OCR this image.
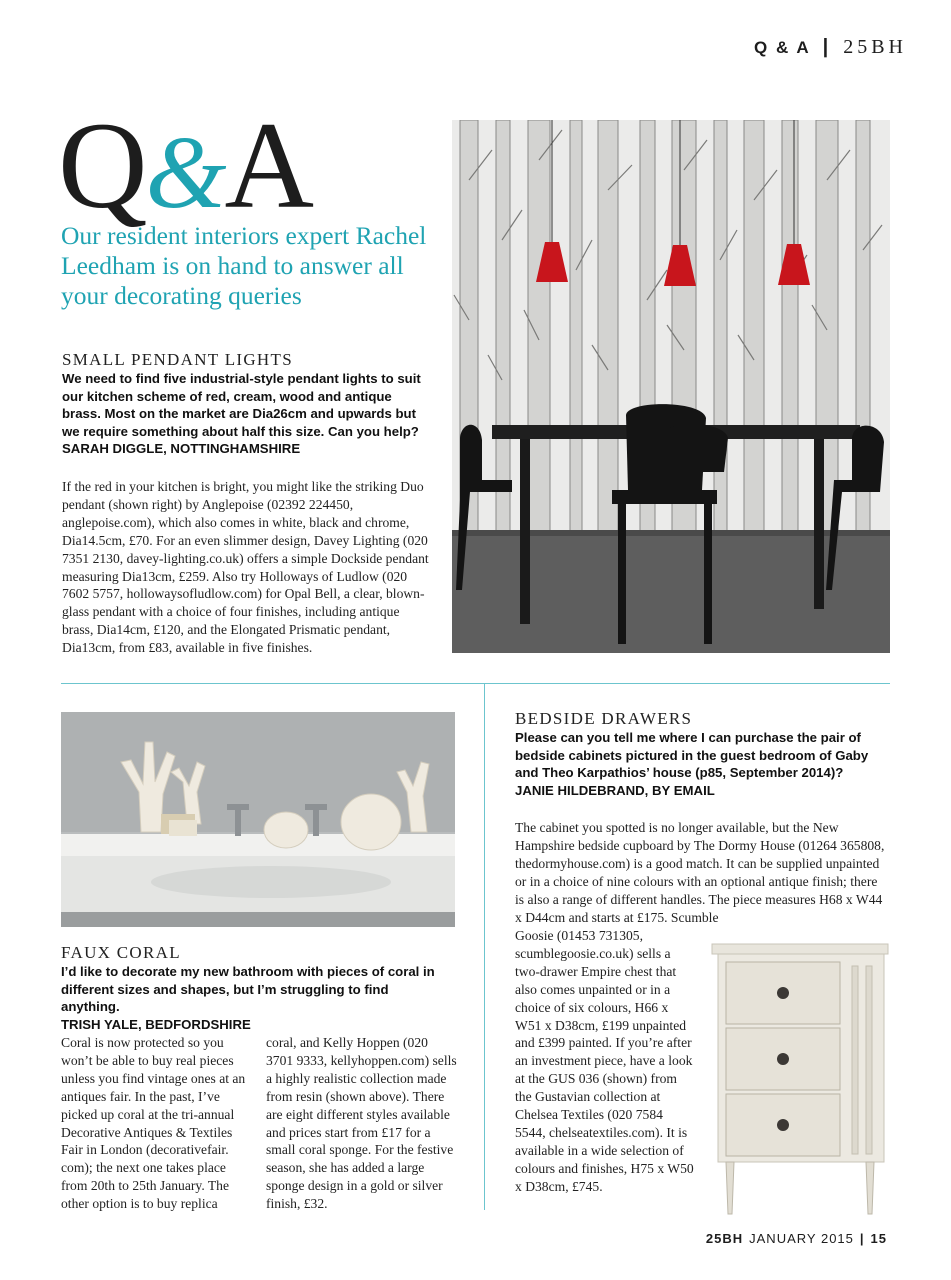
Q & A | 25BH
Q&A
Our resident interiors expert Rachel Leedham is on hand to answer all your decorating queries
SMALL PENDANT LIGHTS
We need to find five industrial-style pendant lights to suit our kitchen scheme of red, cream, wood and antique brass. Most on the market are Dia26cm and upwards but we require something about half this size. Can you help?
SARAH DIGGLE, NOTTINGHAMSHIRE
If the red in your kitchen is bright, you might like the striking Duo pendant (shown right) by Anglepoise (02392 224450, anglepoise.com), which also comes in white, black and chrome, Dia14.5cm, £70. For an even slimmer design, Davey Lighting (020 7351 2130, davey-lighting.co.uk) offers a simple Dockside pendant measuring Dia13cm, £259. Also try Holloways of Ludlow (020 7602 5757, hollowaysofludlow.com) for Opal Bell, a clear, blown-glass pendant with a choice of four finishes, including antique brass, Dia14cm, £120, and the Elongated Prismatic pendant, Dia13cm, from £83, available in five finishes.
FAUX CORAL
I’d like to decorate my new bathroom with pieces of coral in different sizes and shapes, but I’m struggling to find anything.
TRISH YALE, BEDFORDSHIRE
Coral is now protected so you won’t be able to buy real pieces unless you find vintage ones at an antiques fair. In the past, I’ve picked up coral at the tri-annual Decorative Antiques & Textiles Fair in London (decorativefair. com); the next one takes place from 20th to 25th January. The other option is to buy replica
coral, and Kelly Hoppen (020 3701 9333, kellyhoppen.com) sells a highly realistic collection made from resin (shown above). There are eight different styles available and prices start from £17 for a small coral sponge. For the festive season, she has added a large sponge design in a gold or silver finish, £32.
BEDSIDE DRAWERS
Please can you tell me where I can purchase the pair of bedside cabinets pictured in the guest bedroom of Gaby and Theo Karpathios’ house (p85, September 2014)?
JANIE HILDEBRAND, BY EMAIL
The cabinet you spotted is no longer available, but the New Hampshire bedside cupboard by The Dormy House (01264 365808, thedormyhouse.com) is a good match. It can be supplied unpainted or in a choice of nine colours with an optional antique finish; there is also a range of different handles. The piece measures H68 x W44 x D44cm and starts at £175. Scumble
Goosie (01453 731305, scumblegoosie.co.uk) sells a two-drawer Empire chest that also comes unpainted or in a choice of six colours, H66 x W51 x D38cm, £199 unpainted and £399 painted. If you’re after an investment piece, have a look at the GUS 036 (shown) from the Gustavian collection at Chelsea Textiles (020 7584 5544, chelseatextiles.com). It is available in a wide selection of colours and finishes, H75 x W50 x D38cm, £745.
25BH JANUARY 2015 | 15
